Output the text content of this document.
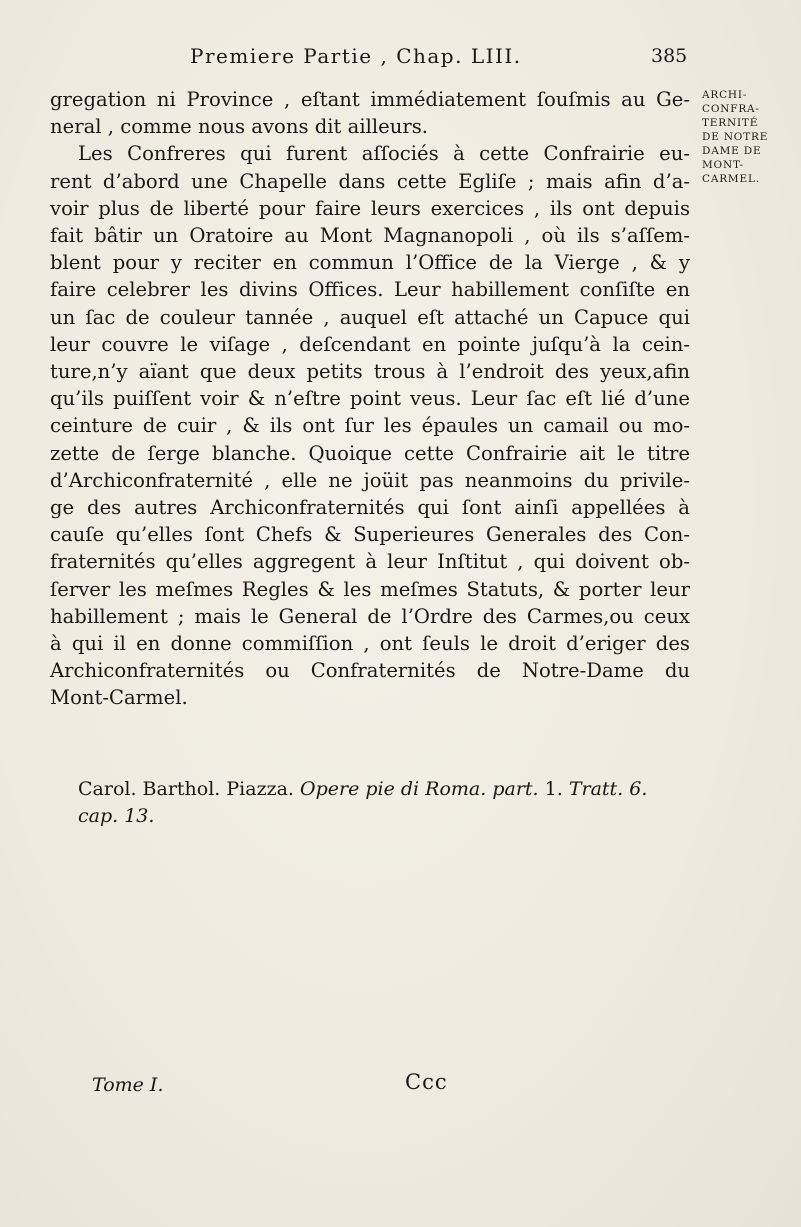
Premiere Partie , Chap. LIII.	385
ARCHI-
CONFRA-
TERNITÉ
DE NOTRE
DAME DE
MONT-
CARMEL.
gregation ni Province , eſtant immédiatement ſouſmis au Ge-
neral , comme nous avons dit ailleurs.
Les Confreres qui furent aſſociés à cette Confrairie eu-
rent d’abord une Chapelle dans cette Egliſe ; mais afin d’a-
voir plus de liberté pour faire leurs exercices , ils ont depuis
fait bâtir un Oratoire au Mont Magnanopoli , où ils s’aſſem-
blent pour y reciter en commun l’Office de la Vierge , & y
faire celebrer les divins Offices. Leur habillement conſiſte en
un ſac de couleur tannée , auquel eſt attaché un Capuce qui
leur couvre le viſage , deſcendant en pointe juſqu’à la cein-
ture,n’y aïant que deux petits trous à l’endroit des yeux,afin
qu’ils puiſſent voir & n’eſtre point veus. Leur ſac eſt lié d’une
ceinture de cuir , & ils ont ſur les épaules un camail ou mo-
zette de ſerge blanche. Quoique cette Confrairie ait le titre
d’Archiconfraternité , elle ne joüit pas neanmoins du privile-
ge des autres Archiconfraternités qui ſont ainſi appellées à
cauſe qu’elles ſont Chefs & Superieures Generales des Con-
fraternités qu’elles aggregent à leur Inſtitut , qui doivent ob-
ſerver les meſmes Regles & les meſmes Statuts, & porter leur
habillement ; mais le General de l’Ordre des Carmes,ou ceux
à qui il en donne commiſſion , ont ſeuls le droit d’eriger des
Archiconfraternités ou Confraternités de Notre-Dame du
Mont-Carmel.
Carol. Barthol. Piazza. Opere pie di Roma. part. 1. Tratt. 6.
cap. 13.
Tome I.	Ccc
